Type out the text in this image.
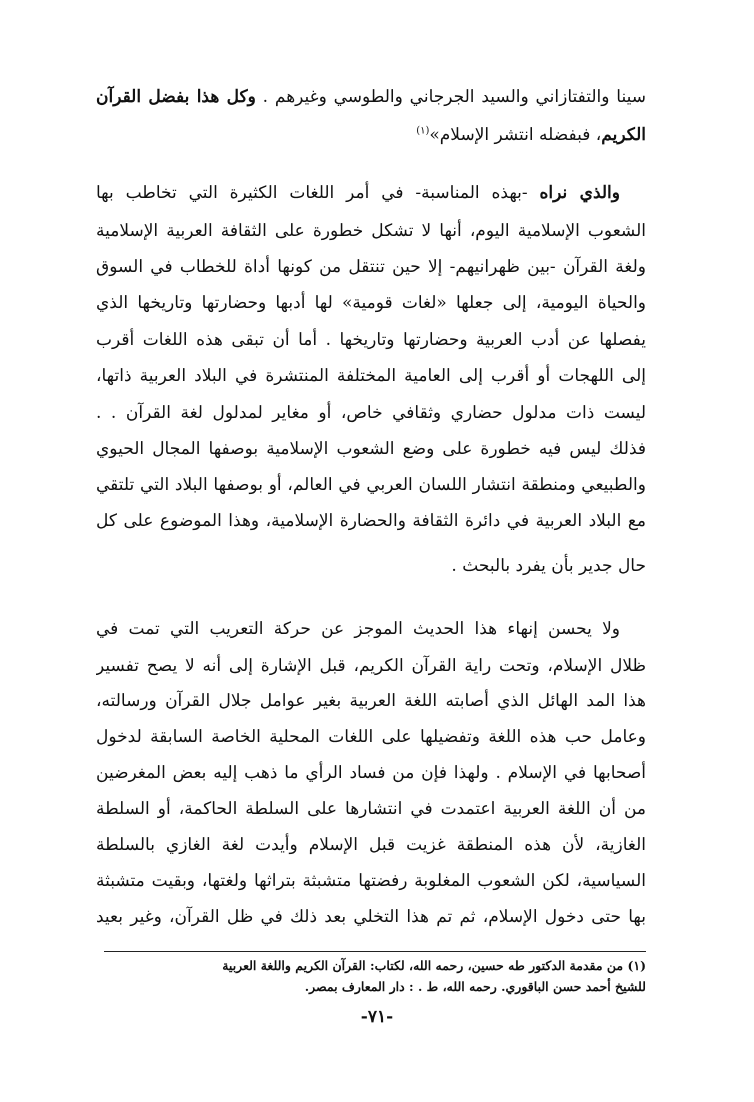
سينا والتفتازاني والسيد الجرجاني والطوسي وغيرهم . وكل هذا بفضل القرآن
الكريم، فبفضله انتشر الإسلام»$^{(١)}$
والذي نراه -بهذه المناسبة- في أمر اللغات الكثيرة التي تخاطب بها
الشعوب الإسلامية اليوم، أنها لا تشكل خطورة على الثقافة العربية الإسلامية
ولغة القرآن -بين ظهرانيهم- إلا حين تنتقل من كونها أداة للخطاب في السوق
والحياة اليومية، إلى جعلها «لغات قومية» لها أدبها وحضارتها وتاريخها الذي
يفصلها عن أدب العربية وحضارتها وتاريخها . أما أن تبقى هذه اللغات أقرب
إلى اللهجات أو أقرب إلى العامية المختلفة المنتشرة في البلاد العربية ذاتها،
ليست ذات مدلول حضاري وثقافي خاص، أو مغاير لمدلول لغة القرآن . .
فذلك ليس فيه خطورة على وضع الشعوب الإسلامية بوصفها المجال الحيوي
والطبيعي ومنطقة انتشار اللسان العربي في العالم، أو بوصفها البلاد التي تلتقي
مع البلاد العربية في دائرة الثقافة والحضارة الإسلامية، وهذا الموضوع على كل
حال جدير بأن يفرد بالبحث .
ولا يحسن إنهاء هذا الحديث الموجز عن حركة التعريب التي تمت في
ظلال الإسلام، وتحت راية القرآن الكريم، قبل الإشارة إلى أنه لا يصح تفسير
هذا المد الهائل الذي أصابته اللغة العربية بغير عوامل جلال القرآن ورسالته،
وعامل حب هذه اللغة وتفضيلها على اللغات المحلية الخاصة السابقة لدخول
أصحابها في الإسلام . ولهذا فإن من فساد الرأي ما ذهب إليه بعض المغرضين
من أن اللغة العربية اعتمدت في انتشارها على السلطة الحاكمة، أو السلطة
الغازية، لأن هذه المنطقة غزيت قبل الإسلام وأيدت لغة الغازي بالسلطة
السياسية، لكن الشعوب المغلوبة رفضتها متشبثة بتراثها ولغتها، وبقيت متشبثة
بها حتى دخول الإسلام، ثم تم هذا التخلي بعد ذلك في ظل القرآن، وغير بعيد
(١) من مقدمة الدكتور طه حسين، رحمه الله، لكتاب: القرآن الكريم واللغة العربية
للشيخ أحمد حسن الباقوري. رحمه الله، ط . : دار المعارف بمصر.
-٧١-
